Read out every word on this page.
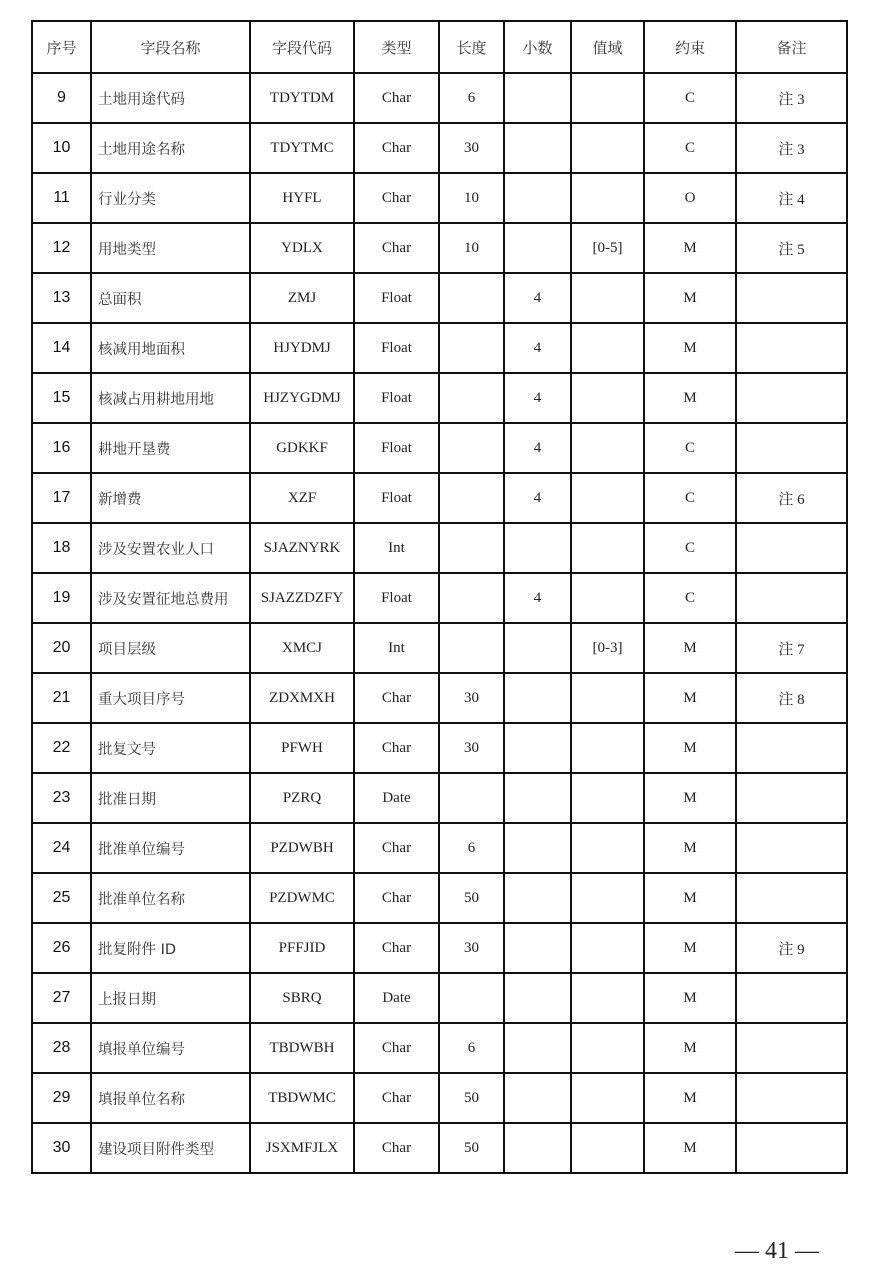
序号	字段名称	字段代码	类型	长度	小数	值域	约束	备注
9	土地用途代码	TDYTDM	Char	6			C	注 3
10	土地用途名称	TDYTMC	Char	30			C	注 3
11	行业分类	HYFL	Char	10			O	注 4
12	用地类型	YDLX	Char	10		[0-5]	M	注 5
13	总面积	ZMJ	Float		4		M	
14	核减用地面积	HJYDMJ	Float		4		M	
15	核减占用耕地用地	HJZYGDMJ	Float		4		M	
16	耕地开垦费	GDKKF	Float		4		C	
17	新增费	XZF	Float		4		C	注 6
18	涉及安置农业人口	SJAZNYRK	Int				C	
19	涉及安置征地总费用	SJAZZDZFY	Float		4		C	
20	项目层级	XMCJ	Int			[0-3]	M	注 7
21	重大项目序号	ZDXMXH	Char	30			M	注 8
22	批复文号	PFWH	Char	30			M	
23	批准日期	PZRQ	Date				M	
24	批准单位编号	PZDWBH	Char	6			M	
25	批准单位名称	PZDWMC	Char	50			M	
26	批复附件 ID	PFFJID	Char	30			M	注 9
27	上报日期	SBRQ	Date				M	
28	填报单位编号	TBDWBH	Char	6			M	
29	填报单位名称	TBDWMC	Char	50			M	
30	建设项目附件类型	JSXMFJLX	Char	50			M	
— 41 —
